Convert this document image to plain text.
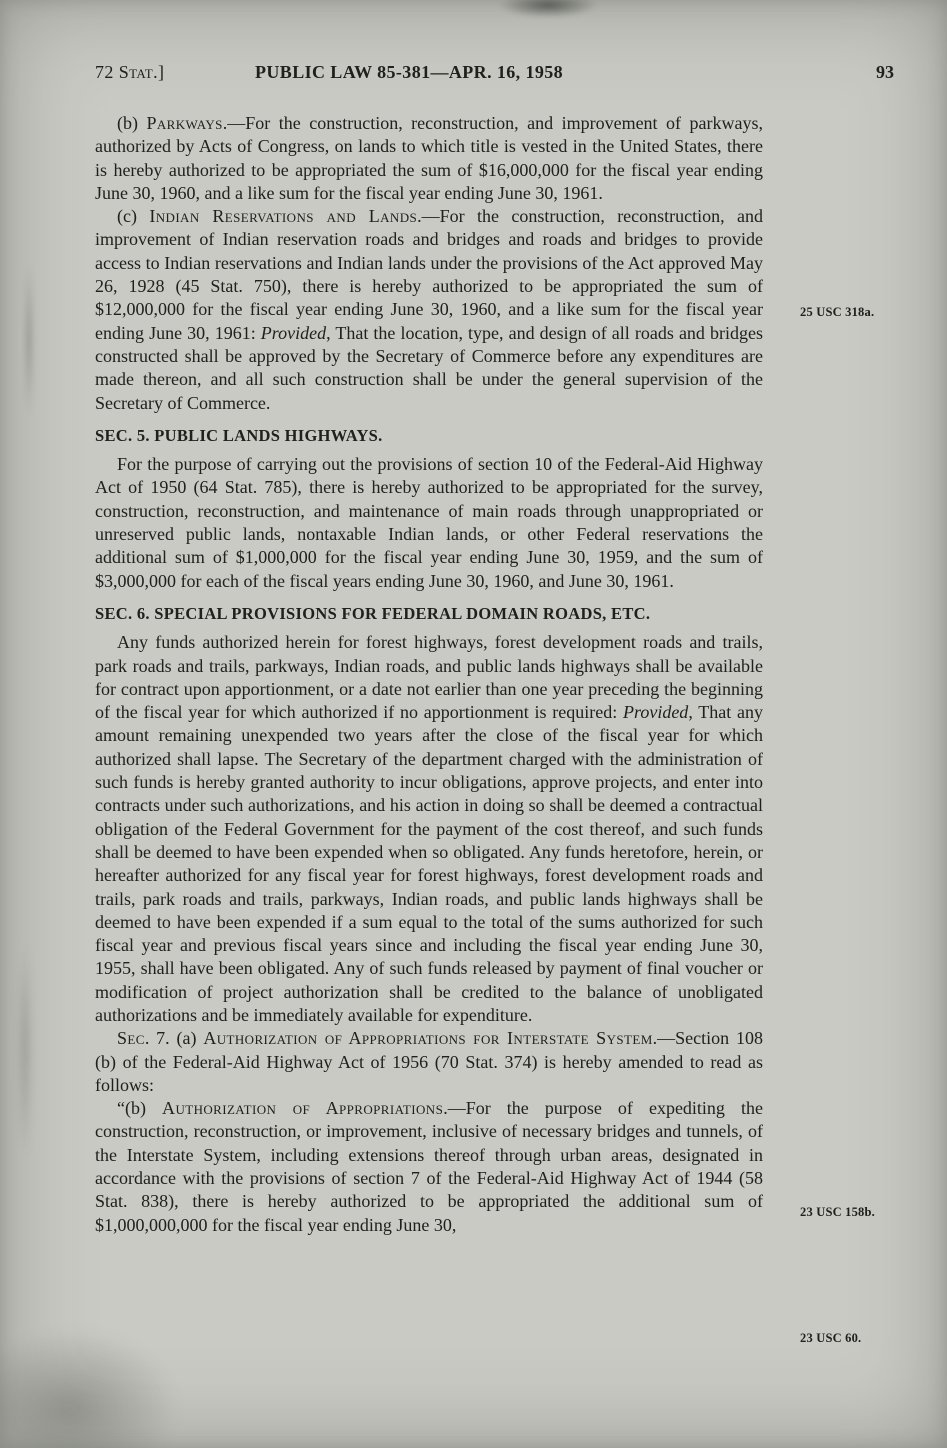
72 Stat.]	PUBLIC LAW 85-381—APR. 16, 1958	93

(b) Parkways.—For the construction, reconstruction, and improvement of parkways, authorized by Acts of Congress, on lands to which title is vested in the United States, there is hereby authorized to be appropriated the sum of $16,000,000 for the fiscal year ending June 30, 1960, and a like sum for the fiscal year ending June 30, 1961.

(c) Indian Reservations and Lands.—For the construction, reconstruction, and improvement of Indian reservation roads and bridges and roads and bridges to provide access to Indian reservations and Indian lands under the provisions of the Act approved May 26, 1928 (45 Stat. 750), there is hereby authorized to be appropriated the sum of $12,000,000 for the fiscal year ending June 30, 1960, and a like sum for the fiscal year ending June 30, 1961: Provided, That the location, type, and design of all roads and bridges constructed shall be approved by the Secretary of Commerce before any expenditures are made thereon, and all such construction shall be under the general supervision of the Secretary of Commerce.

SEC. 5. PUBLIC LANDS HIGHWAYS.

For the purpose of carrying out the provisions of section 10 of the Federal-Aid Highway Act of 1950 (64 Stat. 785), there is hereby authorized to be appropriated for the survey, construction, reconstruction, and maintenance of main roads through unappropriated or unreserved public lands, nontaxable Indian lands, or other Federal reservations the additional sum of $1,000,000 for the fiscal year ending June 30, 1959, and the sum of $3,000,000 for each of the fiscal years ending June 30, 1960, and June 30, 1961.

SEC. 6. SPECIAL PROVISIONS FOR FEDERAL DOMAIN ROADS, ETC.

Any funds authorized herein for forest highways, forest development roads and trails, park roads and trails, parkways, Indian roads, and public lands highways shall be available for contract upon apportionment, or a date not earlier than one year preceding the beginning of the fiscal year for which authorized if no apportionment is required: Provided, That any amount remaining unexpended two years after the close of the fiscal year for which authorized shall lapse. The Secretary of the department charged with the administration of such funds is hereby granted authority to incur obligations, approve projects, and enter into contracts under such authorizations, and his action in doing so shall be deemed a contractual obligation of the Federal Government for the payment of the cost thereof, and such funds shall be deemed to have been expended when so obligated. Any funds heretofore, herein, or hereafter authorized for any fiscal year for forest highways, forest development roads and trails, park roads and trails, parkways, Indian roads, and public lands highways shall be deemed to have been expended if a sum equal to the total of the sums authorized for such fiscal year and previous fiscal years since and including the fiscal year ending June 30, 1955, shall have been obligated. Any of such funds released by payment of final voucher or modification of project authorization shall be credited to the balance of unobligated authorizations and be immediately available for expenditure.

Sec. 7. (a) Authorization of Appropriations for Interstate System.—Section 108 (b) of the Federal-Aid Highway Act of 1956 (70 Stat. 374) is hereby amended to read as follows:

“(b) Authorization of Appropriations.—For the purpose of expediting the construction, reconstruction, or improvement, inclusive of necessary bridges and tunnels, of the Interstate System, including extensions thereof through urban areas, designated in accordance with the provisions of section 7 of the Federal-Aid Highway Act of 1944 (58 Stat. 838), there is hereby authorized to be appropriated the additional sum of $1,000,000,000 for the fiscal year ending June 30,

25 USC 318a.
23 USC 158b.
23 USC 60.
